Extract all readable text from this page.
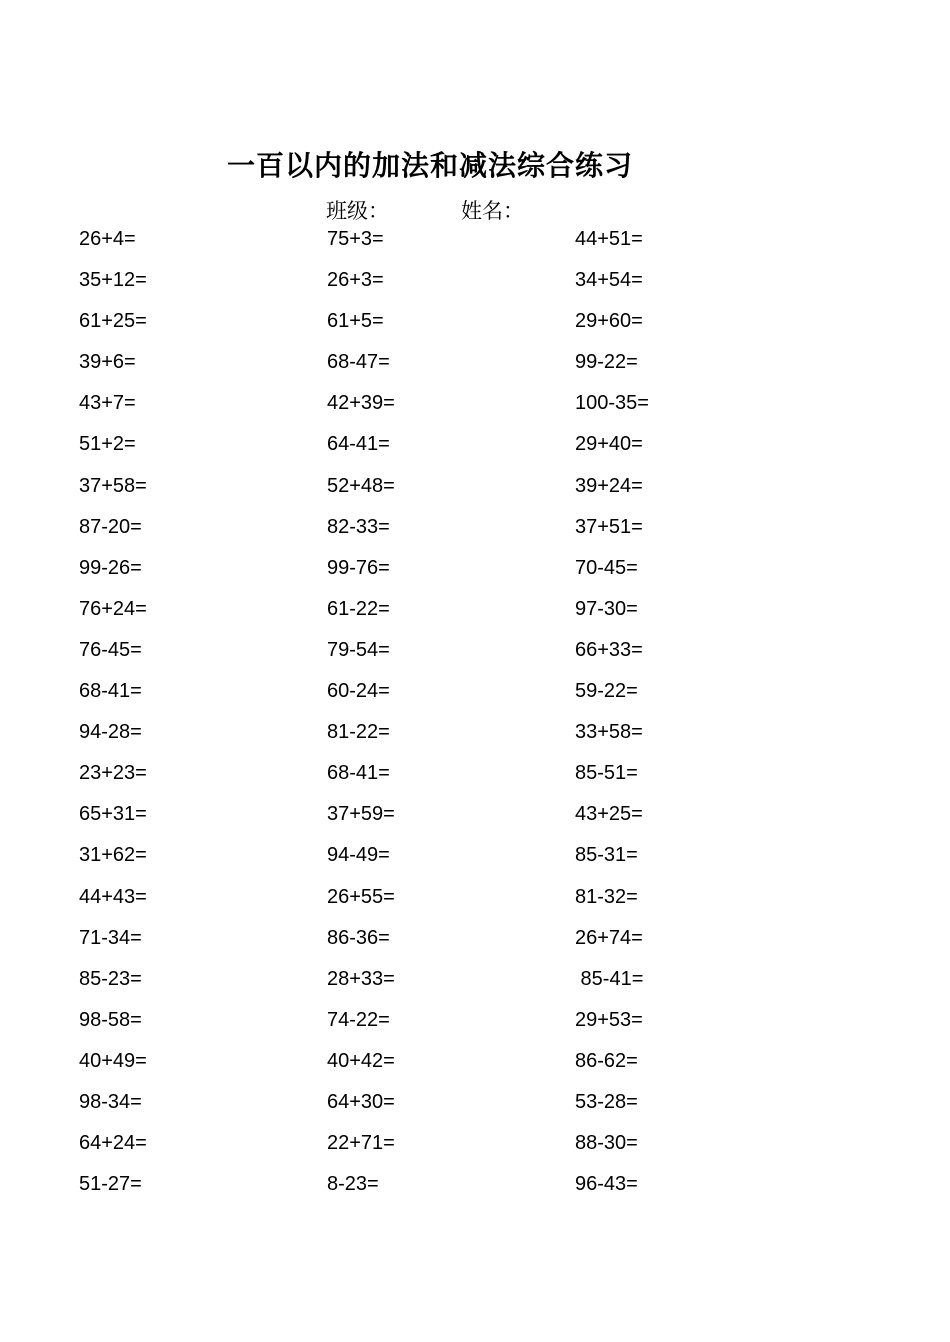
一百以内的加法和减法综合练习
班级：	姓名：
26+4=	75+3=	44+51=
35+12=	26+3=	34+54=
61+25=	61+5=	29+60=
39+6=	68-47=	99-22=
43+7=	42+39=	100-35=
51+2=	64-41=	29+40=
37+58=	52+48=	39+24=
87-20=	82-33=	37+51=
99-26=	99-76=	70-45=
76+24=	61-22=	97-30=
76-45=	79-54=	66+33=
68-41=	60-24=	59-22=
94-28=	81-22=	33+58=
23+23=	68-41=	85-51=
65+31=	37+59=	43+25=
31+62=	94-49=	85-31=
44+43=	26+55=	81-32=
71-34=	86-36=	26+74=
85-23=	28+33=	85-41=
98-58=	74-22=	29+53=
40+49=	40+42=	86-62=
98-34=	64+30=	53-28=
64+24=	22+71=	88-30=
51-27=	8-23=	96-43=
